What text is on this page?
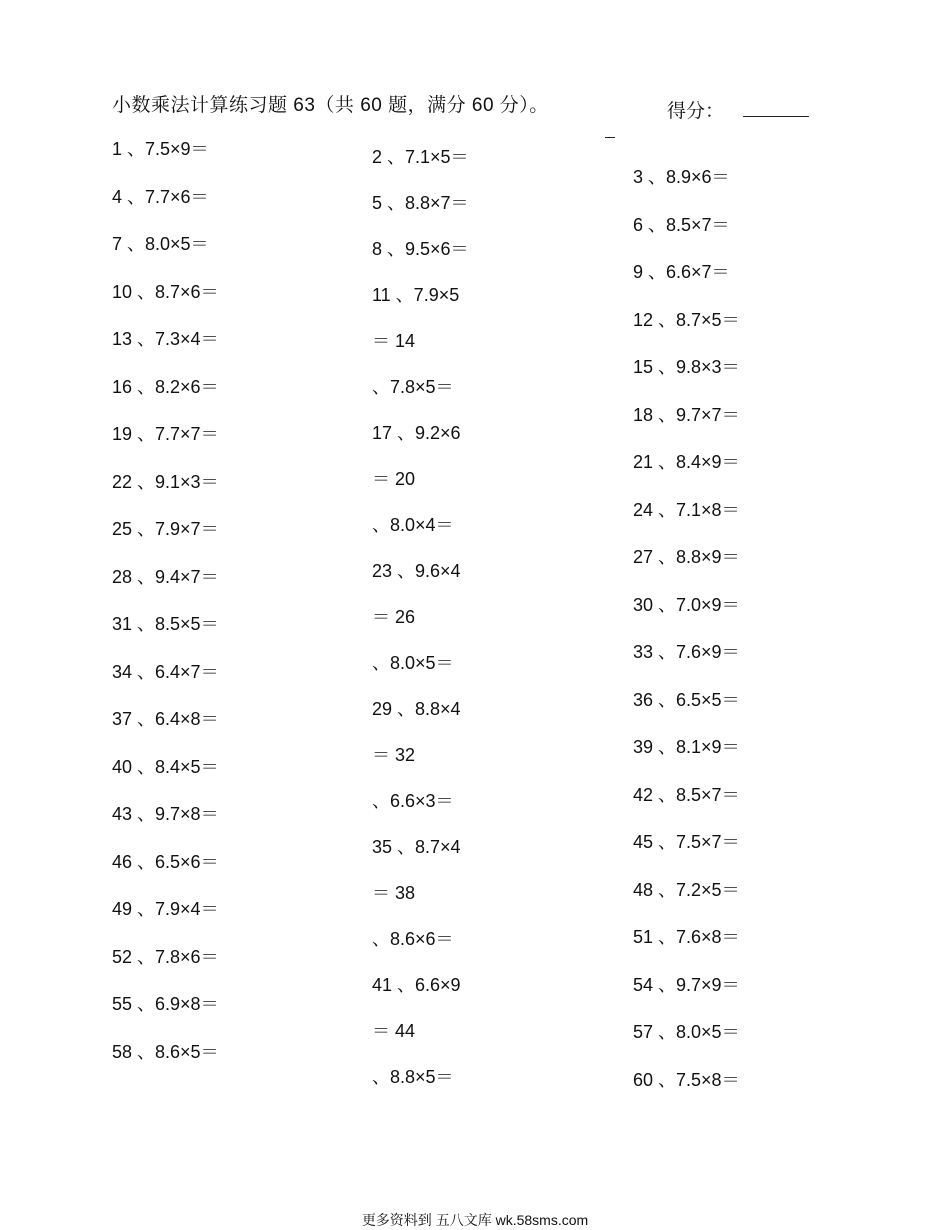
小数乘法计算练习题 63（共 60 题，满分 60 分）。	得分：
1 、7.5×9＝
4 、7.7×6＝
7 、8.0×5＝
10 、8.7×6＝
13 、7.3×4＝
16 、8.2×6＝
19 、7.7×7＝
22 、9.1×3＝
25 、7.9×7＝
28 、9.4×7＝
31 、8.5×5＝
34 、6.4×7＝
37 、6.4×8＝
40 、8.4×5＝
43 、9.7×8＝
46 、6.5×6＝
49 、7.9×4＝
52 、7.8×6＝
55 、6.9×8＝
58 、8.6×5＝
2 、7.1×5＝
5 、8.8×7＝
8 、9.5×6＝
11 、7.9×5
＝ 14
、7.8×5＝
17 、9.2×6
＝ 20
、8.0×4＝
23 、9.6×4
＝ 26
、8.0×5＝
29 、8.8×4
＝ 32
、6.6×3＝
35 、8.7×4
＝ 38
、8.6×6＝
41 、6.6×9
＝ 44
、8.8×5＝
3 、8.9×6＝
6 、8.5×7＝
9 、6.6×7＝
12 、8.7×5＝
15 、9.8×3＝
18 、9.7×7＝
21 、8.4×9＝
24 、7.1×8＝
27 、8.8×9＝
30 、7.0×9＝
33 、7.6×9＝
36 、6.5×5＝
39 、8.1×9＝
42 、8.5×7＝
45 、7.5×7＝
48 、7.2×5＝
51 、7.6×8＝
54 、9.7×9＝
57 、8.0×5＝
60 、7.5×8＝
更多资料到 五八文库 wk.58sms.com
